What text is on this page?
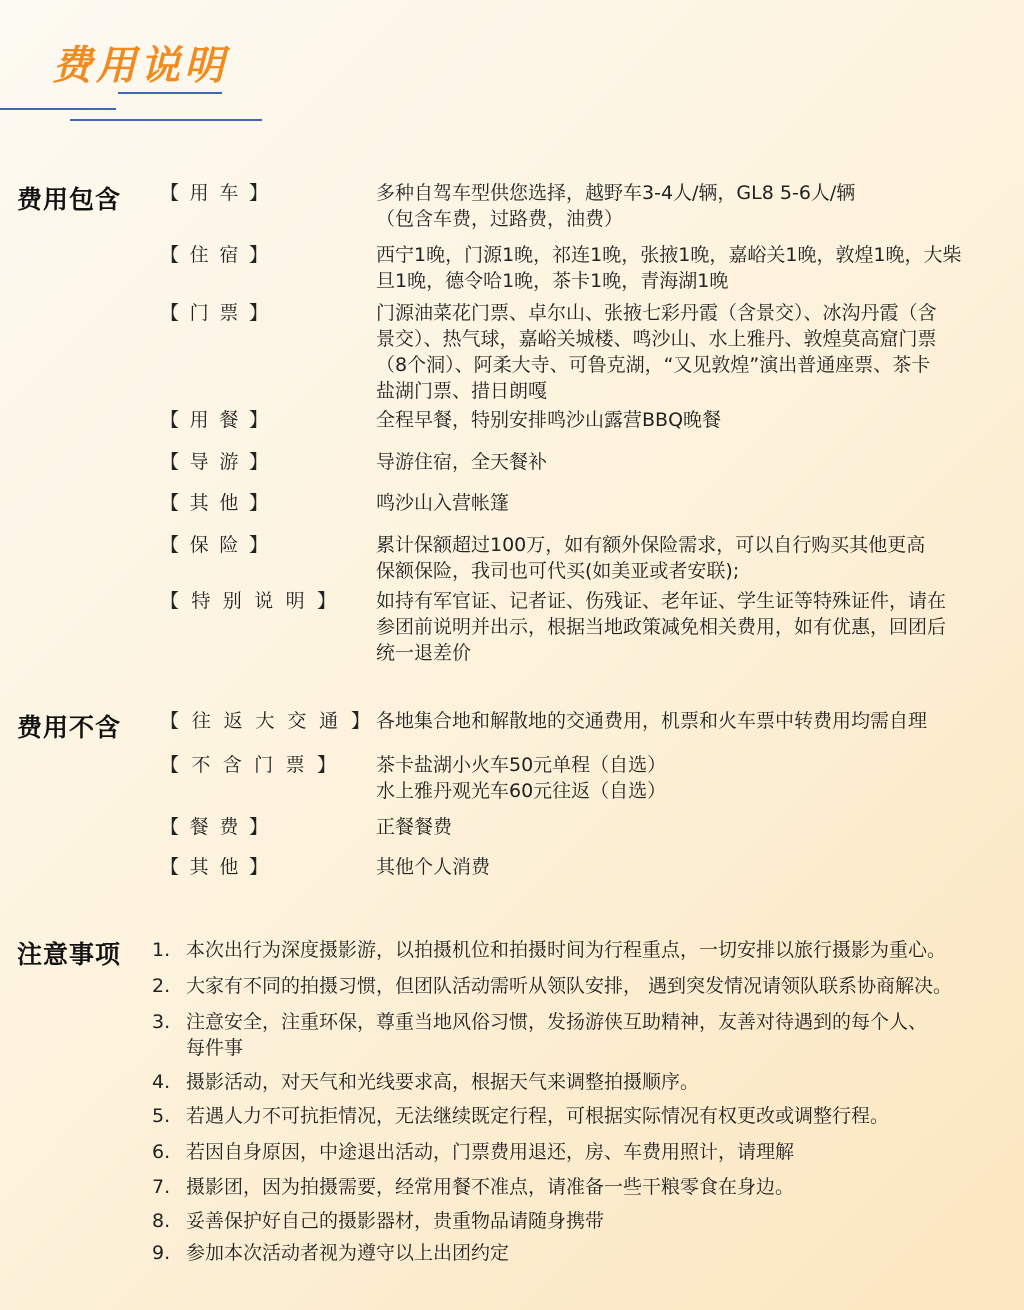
费用说明
费用包含 【 用 车 】	多种自驾车型供您选择，越野车3-4人/辆，GL8 5-6人/辆
（包含车费，过路费，油费）
【 住 宿 】	西宁1晚，门源1晚，祁连1晚，张掖1晚，嘉峪关1晚，敦煌1晚，大柴
旦1晚，德令哈1晚，茶卡1晚，青海湖1晚
【 门 票 】	门源油菜花门票、卓尔山、张掖七彩丹霞（含景交）、冰沟丹霞（含
景交）、热气球，嘉峪关城楼、鸣沙山、水上雅丹、敦煌莫高窟门票
（8个洞）、阿柔大寺、可鲁克湖，“又见敦煌”演出普通座票、茶卡
盐湖门票、措日朗嘎
【 用 餐 】	全程早餐，特别安排鸣沙山露营BBQ晚餐
【 导 游 】	导游住宿，全天餐补
【 其 他 】	鸣沙山入营帐篷
【 保 险 】	累计保额超过100万，如有额外保险需求，可以自行购买其他更高
保额保险，我司也可代买(如美亚或者安联);
【 特 别 说 明 】 如持有军官证、记者证、伤残证、老年证、学生证等特殊证件，请在
参团前说明并出示，根据当地政策减免相关费用，如有优惠，回团后
统一退差价
费用不含 【 往 返 大 交 通 】 各地集合地和解散地的交通费用，机票和火车票中转费用均需自理
【 不 含 门 票 】 茶卡盐湖小火车50元单程（自选）
水上雅丹观光车60元往返（自选）
【 餐 费 】	正餐餐费
【 其 他 】	其他个人消费
注意事项 1. 本次出行为深度摄影游，以拍摄机位和拍摄时间为行程重点，一切安排以旅行摄影为重心。
2. 大家有不同的拍摄习惯，但团队活动需听从领队安排， 遇到突发情况请领队联系协商解决。
3. 注意安全，注重环保，尊重当地风俗习惯，发扬游侠互助精神，友善对待遇到的每个人、
每件事
4. 摄影活动，对天气和光线要求高，根据天气来调整拍摄顺序。
5. 若遇人力不可抗拒情况，无法继续既定行程，可根据实际情况有权更改或调整行程。
6. 若因自身原因，中途退出活动，门票费用退还，房、车费用照计，请理解
7. 摄影团，因为拍摄需要，经常用餐不准点，请准备一些干粮零食在身边。
8. 妥善保护好自己的摄影器材，贵重物品请随身携带
9. 参加本次活动者视为遵守以上出团约定
